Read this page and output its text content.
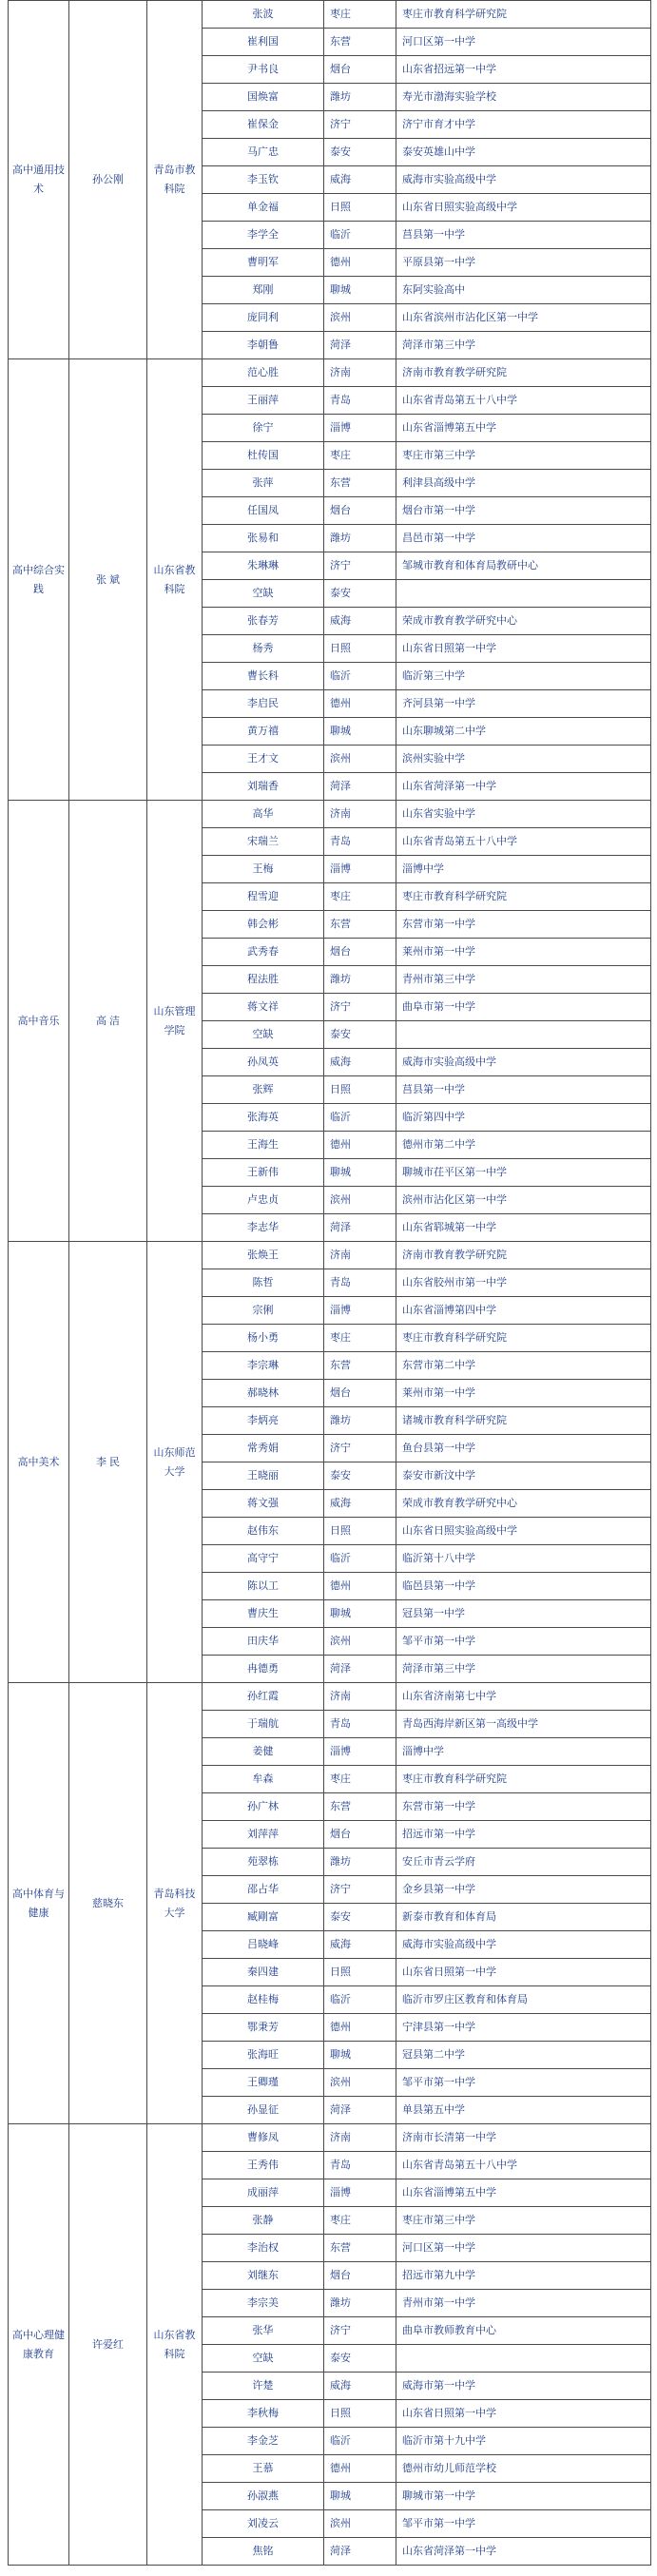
高中通用技术	孙公刚	青岛市教科院	张波	枣庄	枣庄市教育科学研究院
			崔利国	东营	河口区第一中学
			尹书良	烟台	山东省招远第一中学
			国焕富	潍坊	寿光市渤海实验学校
			崔保金	济宁	济宁市育才中学
			马广忠	泰安	泰安英雄山中学
			李玉钦	威海	威海市实验高级中学
			单金福	日照	山东省日照实验高级中学
			李学全	临沂	莒县第一中学
			曹明军	德州	平原县第一中学
			郑刚	聊城	东阿实验高中
			庞同利	滨州	山东省滨州市沾化区第一中学
			李朝鲁	菏泽	菏泽市第三中学
高中综合实践	张 斌	山东省教科院	范心胜	济南	济南市教育教学研究院
			王丽萍	青岛	山东省青岛第五十八中学
			徐宁	淄博	山东省淄博第五中学
			杜传国	枣庄	枣庄市第三中学
			张萍	东营	利津县高级中学
			任国凤	烟台	烟台市第一中学
			张易和	潍坊	昌邑市第一中学
			朱琳琳	济宁	邹城市教育和体育局教研中心
			空缺	泰安	
			张春芳	威海	荣成市教育教学研究中心
			杨秀	日照	山东省日照第一中学
			曹长科	临沂	临沂第三中学
			李启民	德州	齐河县第一中学
			黄万禧	聊城	山东聊城第二中学
			王才文	滨州	滨州实验中学
			刘瑞香	菏泽	山东省菏泽第一中学
高中音乐	高 洁	山东管理学院	高华	济南	山东省实验中学
			宋瑞兰	青岛	山东省青岛第五十八中学
			王梅	淄博	淄博中学
			程雪迎	枣庄	枣庄市教育科学研究院
			韩会彬	东营	东营市第一中学
			武秀春	烟台	莱州市第一中学
			程法胜	潍坊	青州市第三中学
			蒋文祥	济宁	曲阜市第一中学
			空缺	泰安	
			孙凤英	威海	威海市实验高级中学
			张辉	日照	莒县第一中学
			张海英	临沂	临沂第四中学
			王海生	德州	德州市第二中学
			王新伟	聊城	聊城市茌平区第一中学
			卢忠贞	滨州	滨州市沾化区第一中学
			李志华	菏泽	山东省郓城第一中学
高中美术	李 民	山东师范大学	张焕王	济南	济南市教育教学研究院
			陈哲	青岛	山东省胶州市第一中学
			宗俐	淄博	山东省淄博第四中学
			杨小勇	枣庄	枣庄市教育科学研究院
			李宗琳	东营	东营市第二中学
			郝晓林	烟台	莱州市第一中学
			李炳亮	潍坊	诸城市教育科学研究院
			常秀娟	济宁	鱼台县第一中学
			王晓丽	泰安	泰安市新汶中学
			蒋文强	威海	荣成市教育教学研究中心
			赵伟东	日照	山东省日照实验高级中学
			高守宁	临沂	临沂第十八中学
			陈以工	德州	临邑县第一中学
			曹庆生	聊城	冠县第一中学
			田庆华	滨州	邹平市第一中学
			冉德勇	菏泽	菏泽市第三中学
高中体育与健康	慈晓东	青岛科技大学	孙红霞	济南	山东省济南第七中学
			于瑞航	青岛	青岛西海岸新区第一高级中学
			姜健	淄博	淄博中学
			牟森	枣庄	枣庄市教育科学研究院
			孙广林	东营	东营市第一中学
			刘萍萍	烟台	招远市第一中学
			苑翠栋	潍坊	安丘市青云学府
			邵占华	济宁	金乡县第一中学
			臧剛富	泰安	新泰市教育和体育局
			吕晓峰	威海	威海市实验高级中学
			秦四建	日照	山东省日照第一中学
			赵桂梅	临沂	临沂市罗庄区教育和体育局
			鄂秉芳	德州	宁津县第一中学
			张海旺	聊城	冠县第二中学
			王卿瑾	滨州	邹平市第一中学
			孙显征	菏泽	单县第五中学
高中心理健康教育	许爱红	山东省教科院	曹修凤	济南	济南市长清第一中学
			王秀伟	青岛	山东省青岛第五十八中学
			成丽萍	淄博	山东省淄博第五中学
			张静	枣庄	枣庄市第三中学
			李治权	东营	河口区第一中学
			刘继东	烟台	招远市第九中学
			李宗美	潍坊	青州市第一中学
			张华	济宁	曲阜市教师教育中心
			空缺	泰安	
			许楚	威海	威海市第一中学
			李秋梅	日照	山东省日照第一中学
			李金芝	临沂	临沂市第十九中学
			王慕	德州	德州市幼儿师范学校
			孙淑燕	聊城	聊城市第一中学
			刘凌云	滨州	邹平市第一中学
			焦铭	菏泽	山东省菏泽第一中学
